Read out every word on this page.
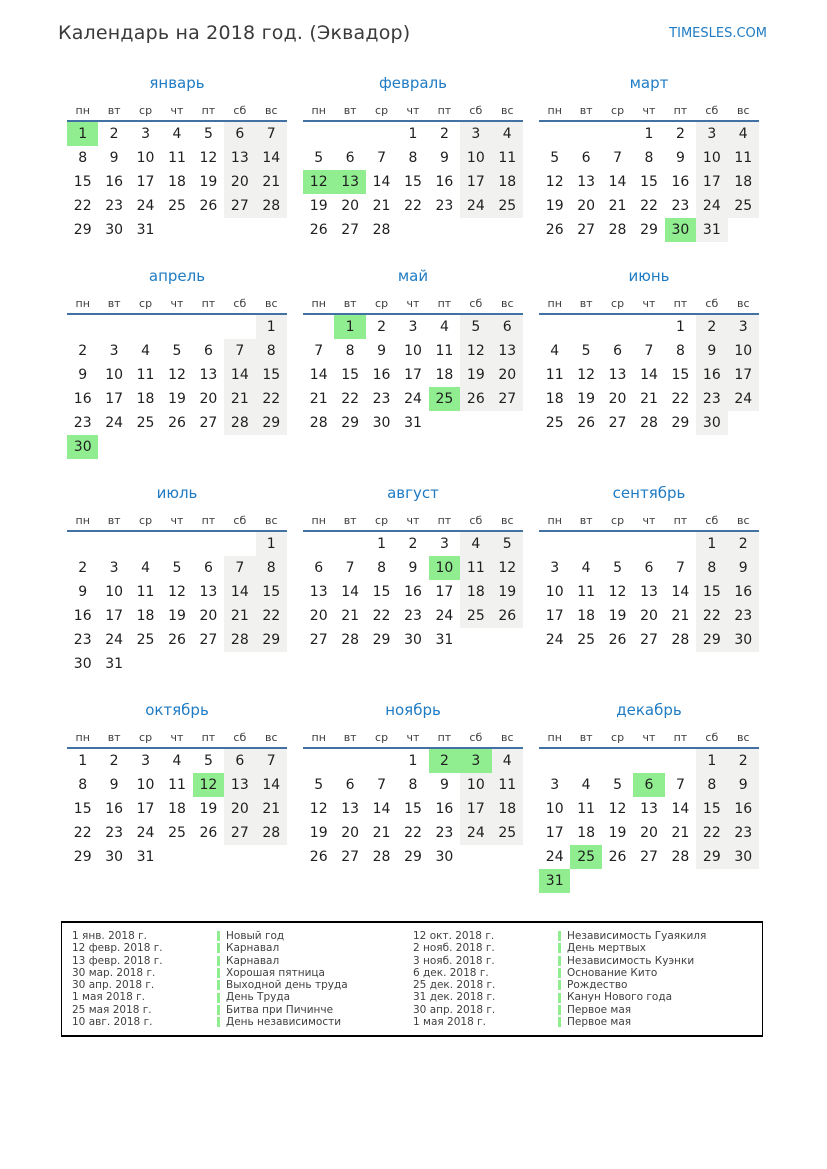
Календарь на 2018 год. (Эквадор)	TIMESLES.COM
январь
пн	вт	ср	чт	пт	сб	вс
1	2	3	4	5	6	7
8	9	10	11	12	13	14
15	16	17	18	19	20	21
22	23	24	25	26	27	28
29	30	31				
февраль
пн	вт	ср	чт	пт	сб	вс
			1	2	3	4
5	6	7	8	9	10	11
12	13	14	15	16	17	18
19	20	21	22	23	24	25
26	27	28				
март
пн	вт	ср	чт	пт	сб	вс
			1	2	3	4
5	6	7	8	9	10	11
12	13	14	15	16	17	18
19	20	21	22	23	24	25
26	27	28	29	30	31	
апрель
пн	вт	ср	чт	пт	сб	вс
						1
2	3	4	5	6	7	8
9	10	11	12	13	14	15
16	17	18	19	20	21	22
23	24	25	26	27	28	29
30						
май
пн	вт	ср	чт	пт	сб	вс
	1	2	3	4	5	6
7	8	9	10	11	12	13
14	15	16	17	18	19	20
21	22	23	24	25	26	27
28	29	30	31			
июнь
пн	вт	ср	чт	пт	сб	вс
				1	2	3
4	5	6	7	8	9	10
11	12	13	14	15	16	17
18	19	20	21	22	23	24
25	26	27	28	29	30	
июль
пн	вт	ср	чт	пт	сб	вс
						1
2	3	4	5	6	7	8
9	10	11	12	13	14	15
16	17	18	19	20	21	22
23	24	25	26	27	28	29
30	31					
август
пн	вт	ср	чт	пт	сб	вс
		1	2	3	4	5
6	7	8	9	10	11	12
13	14	15	16	17	18	19
20	21	22	23	24	25	26
27	28	29	30	31		
сентябрь
пн	вт	ср	чт	пт	сб	вс
					1	2
3	4	5	6	7	8	9
10	11	12	13	14	15	16
17	18	19	20	21	22	23
24	25	26	27	28	29	30
октябрь
пн	вт	ср	чт	пт	сб	вс
1	2	3	4	5	6	7
8	9	10	11	12	13	14
15	16	17	18	19	20	21
22	23	24	25	26	27	28
29	30	31				
ноябрь
пн	вт	ср	чт	пт	сб	вс
			1	2	3	4
5	6	7	8	9	10	11
12	13	14	15	16	17	18
19	20	21	22	23	24	25
26	27	28	29	30		
декабрь
пн	вт	ср	чт	пт	сб	вс
					1	2
3	4	5	6	7	8	9
10	11	12	13	14	15	16
17	18	19	20	21	22	23
24	25	26	27	28	29	30
31						
1 янв. 2018 г.	Новый год
12 февр. 2018 г.	Карнавал
13 февр. 2018 г.	Карнавал
30 мар. 2018 г.	Хорошая пятница
30 апр. 2018 г.	Выходной день труда
1 мая 2018 г.	День Труда
25 мая 2018 г.	Битва при Пичинче
10 авг. 2018 г.	День независимости
12 окт. 2018 г.	Независимость Гуаякиля
2 нояб. 2018 г.	День мертвых
3 нояб. 2018 г.	Независимость Куэнки
6 дек. 2018 г.	Основание Кито
25 дек. 2018 г.	Рождество
31 дек. 2018 г.	Канун Нового года
30 апр. 2018 г.	Первое мая
1 мая 2018 г.	Первое мая
